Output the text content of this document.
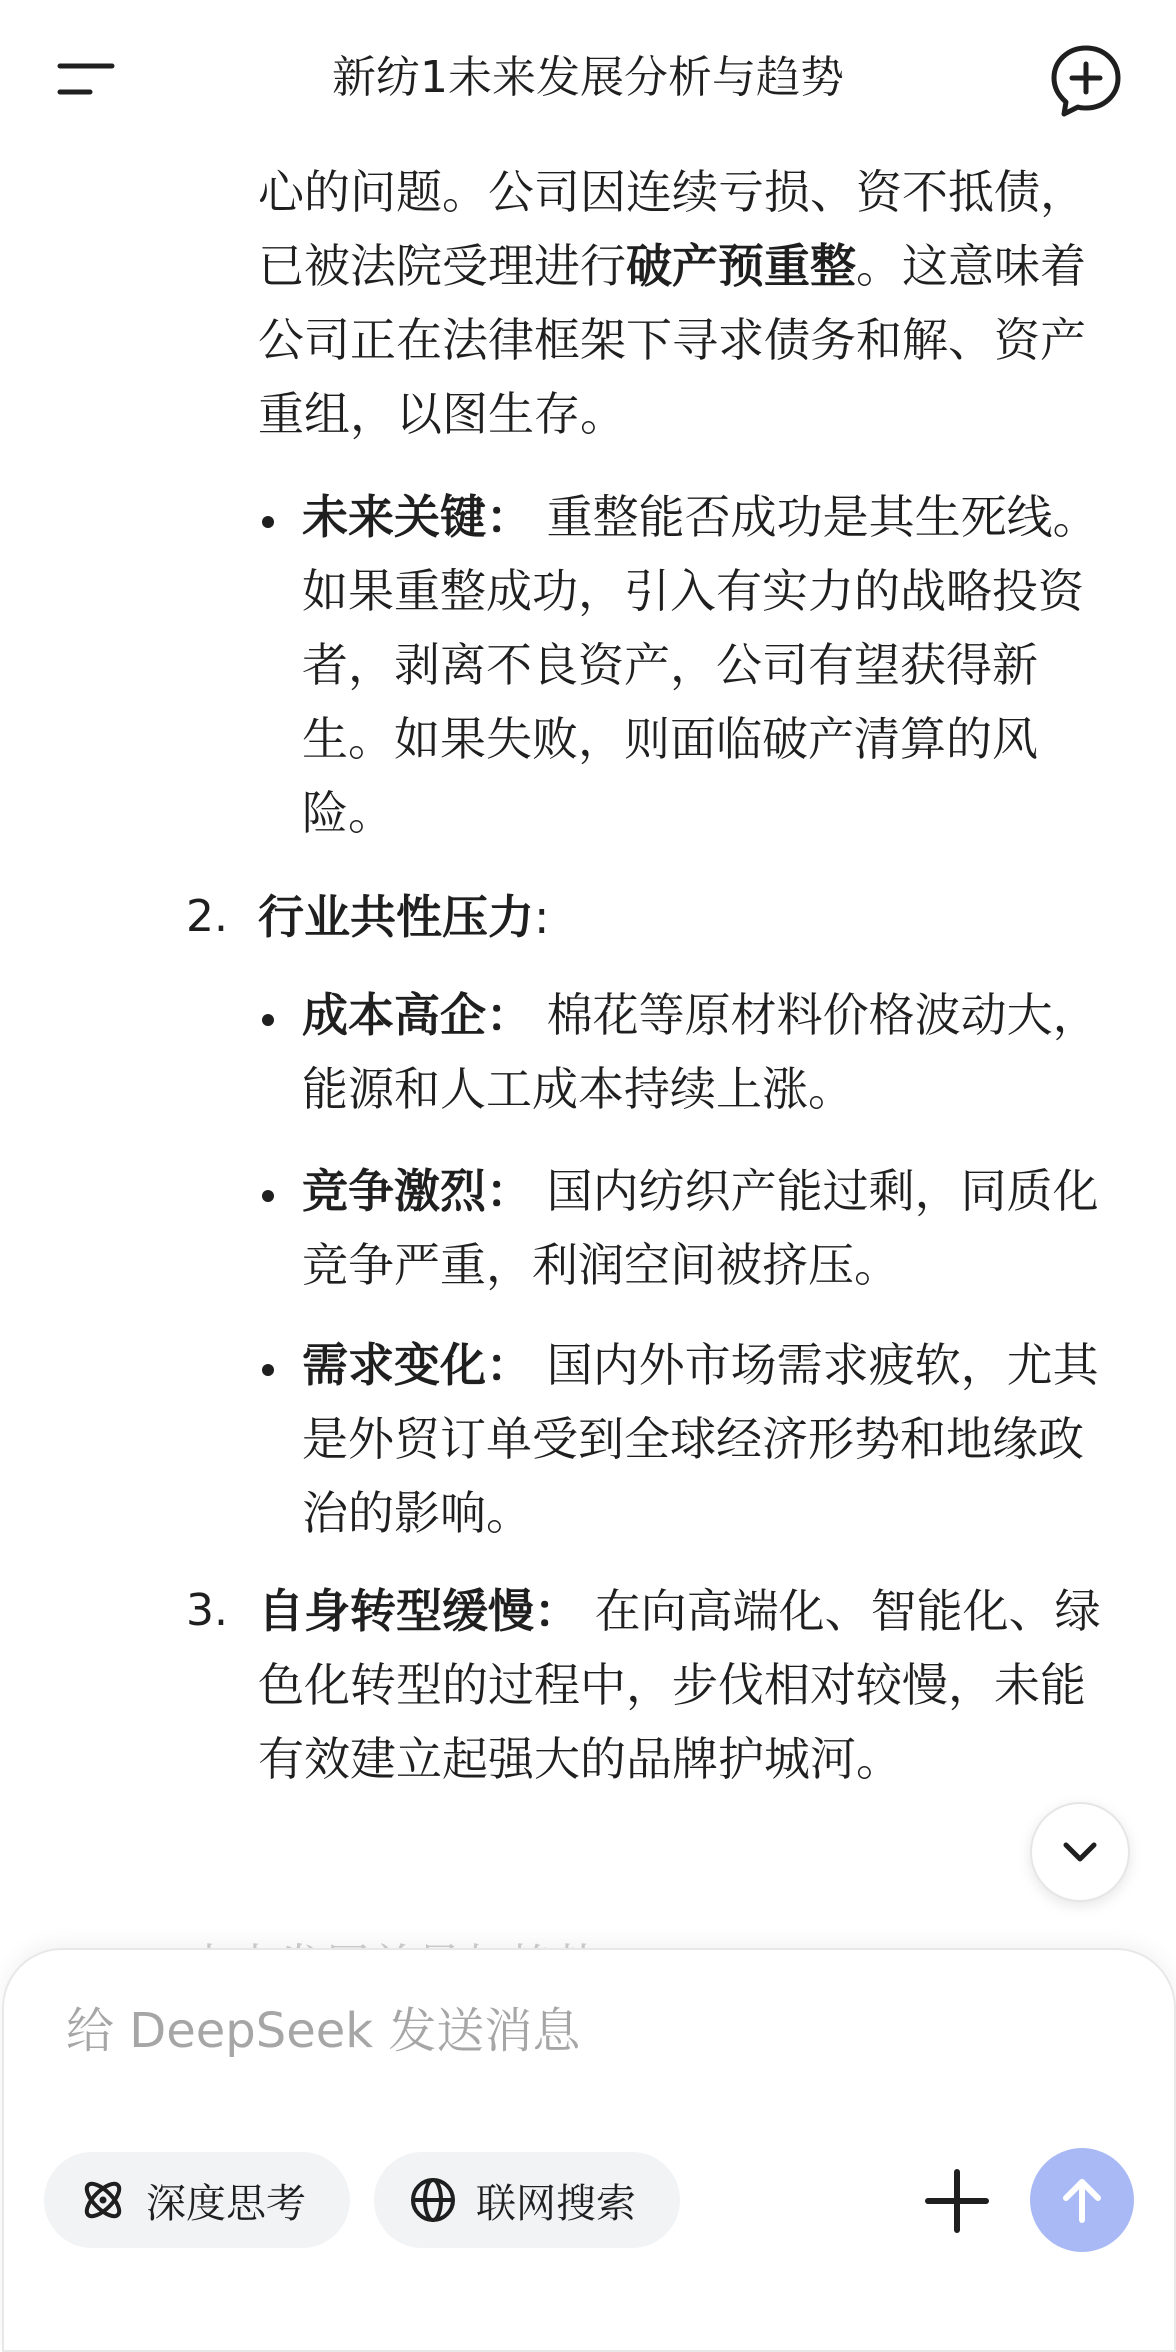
新纺1未来发展分析与趋势
心的问题。公司因连续亏损、资不抵债，已被法院受理进行破产预重整。这意味着公司正在法律框架下寻求债务和解、资产重组，以图生存。
未来关键： 重整能否成功是其生死线。如果重整成功，引入有实力的战略投资者，剥离不良资产，公司有望获得新生。如果失败，则面临破产清算的风险。
2. 行业共性压力:
成本高企： 棉花等原材料价格波动大，能源和人工成本持续上涨。
竞争激烈： 国内纺织产能过剩，同质化竞争严重，利润空间被挤压。
需求变化： 国内外市场需求疲软，尤其是外贸订单受到全球经济形势和地缘政治的影响。
3. 自身转型缓慢： 在向高端化、智能化、绿色化转型的过程中，步伐相对较慢，未能有效建立起强大的品牌护城河。
给 DeepSeek 发送消息
深度思考	联网搜索
